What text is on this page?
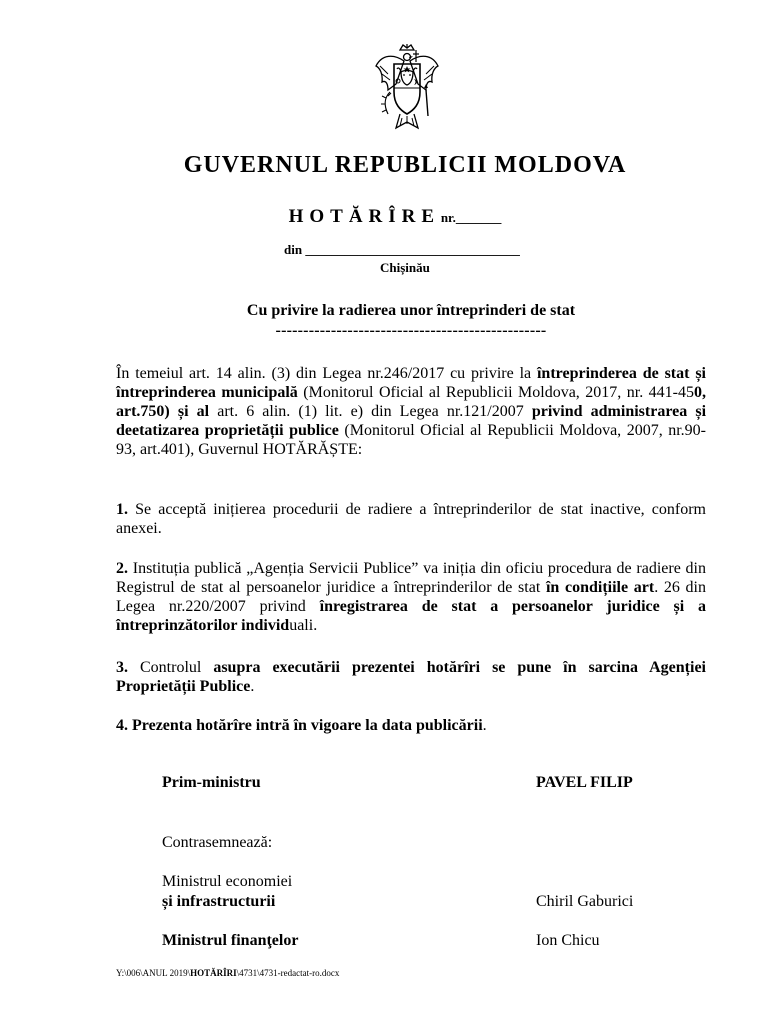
GUVERNUL REPUBLICII MOLDOVA
HOTĂRÎRE nr._______
din _________________________________
Chișinău
Cu privire la radierea unor întreprinderi de stat
-------------------------------------------------
În temeiul art. 14 alin. (3) din Legea nr.246/2017 cu privire la întreprinderea de stat și întreprinderea municipală (Monitorul Oficial al Republicii Moldova, 2017, nr. 441-450, art.750) și al art. 6 alin. (1) lit. e) din Legea nr.121/2007 privind administrarea și deetatizarea proprietății publice (Monitorul Oficial al Republicii Moldova, 2007, nr.90-93, art.401), Guvernul HOTĂRĂȘTE:
1. Se acceptă inițierea procedurii de radiere a întreprinderilor de stat inactive, conform anexei.
2. Instituția publică „Agenția Servicii Publice” va iniția din oficiu procedura de radiere din Registrul de stat al persoanelor juridice a întreprinderilor de stat în condițiile art. 26 din Legea nr.220/2007 privind înregistrarea de stat a persoanelor juridice și a întreprinzătorilor individuali.
3. Controlul asupra executării prezentei hotărîri se pune în sarcina Agenției Proprietății Publice.
4. Prezenta hotărîre intră în vigoare la data publicării.
Prim-ministru	PAVEL FILIP
Contrasemnează:
Ministrul economiei
și infrastructurii	Chiril Gaburici
Ministrul finanţelor	Ion Chicu
Y:\006\ANUL 2019\HOTĂRÎRI\4731\4731-redactat-ro.docx
